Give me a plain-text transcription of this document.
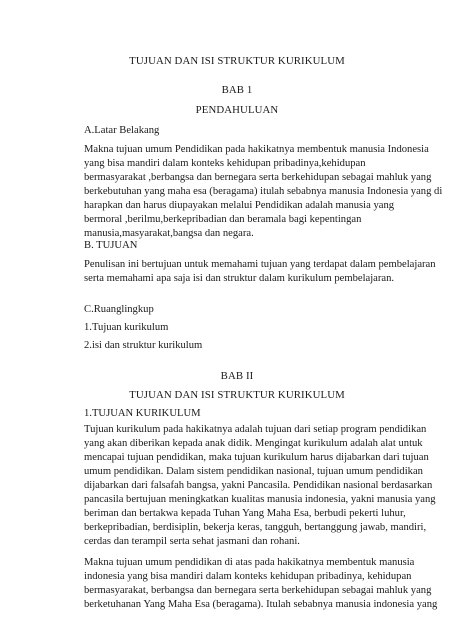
TUJUAN DAN ISI STRUKTUR KURIKULUM
BAB 1
PENDAHULUAN
A.Latar Belakang
Makna tujuan umum Pendidikan pada hakikatnya membentuk manusia Indonesia
yang bisa mandiri dalam konteks kehidupan pribadinya,kehidupan
bermasyarakat ,berbangsa dan bernegara serta berkehidupan sebagai mahluk yang
berkebutuhan yang maha esa (beragama) itulah sebabnya manusia Indonesia yang di
harapkan dan harus diupayakan melalui Pendidikan adalah manusia yang
bermoral ,berilmu,berkepribadian dan beramala bagi kepentingan
manusia,masyarakat,bangsa dan negara.
B. TUJUAN
Penulisan ini bertujuan untuk memahami tujuan yang terdapat dalam pembelajaran
serta memahami apa saja isi dan struktur dalam kurikulum pembelajaran.
C.Ruanglingkup
1.Tujuan kurikulum
2.isi dan struktur kurikulum
BAB II
TUJUAN DAN ISI STRUKTUR KURIKULUM
1.TUJUAN KURIKULUM
Tujuan kurikulum pada hakikatnya adalah tujuan dari setiap program pendidikan
yang akan diberikan kepada anak didik. Mengingat kurikulum adalah alat untuk
mencapai tujuan pendidikan, maka tujuan kurikulum harus dijabarkan dari tujuan
umum pendidikan. Dalam sistem pendidikan nasional, tujuan umum pendidikan
dijabarkan dari falsafah bangsa, yakni Pancasila. Pendidikan nasional berdasarkan
pancasila bertujuan meningkatkan kualitas manusia indonesia, yakni manusia yang
beriman dan bertakwa kepada Tuhan Yang Maha Esa, berbudi pekerti luhur,
berkepribadian, berdisiplin, bekerja keras, tangguh, bertanggung jawab, mandiri,
cerdas dan terampil serta sehat jasmani dan rohani.
Makna tujuan umum pendidikan di atas pada hakikatnya membentuk manusia
indonesia yang bisa mandiri dalam konteks kehidupan pribadinya, kehidupan
bermasyarakat, berbangsa dan bernegara serta berkehidupan sebagai mahluk yang
berketuhanan Yang Maha Esa (beragama). Itulah sebabnya manusia indonesia yang
